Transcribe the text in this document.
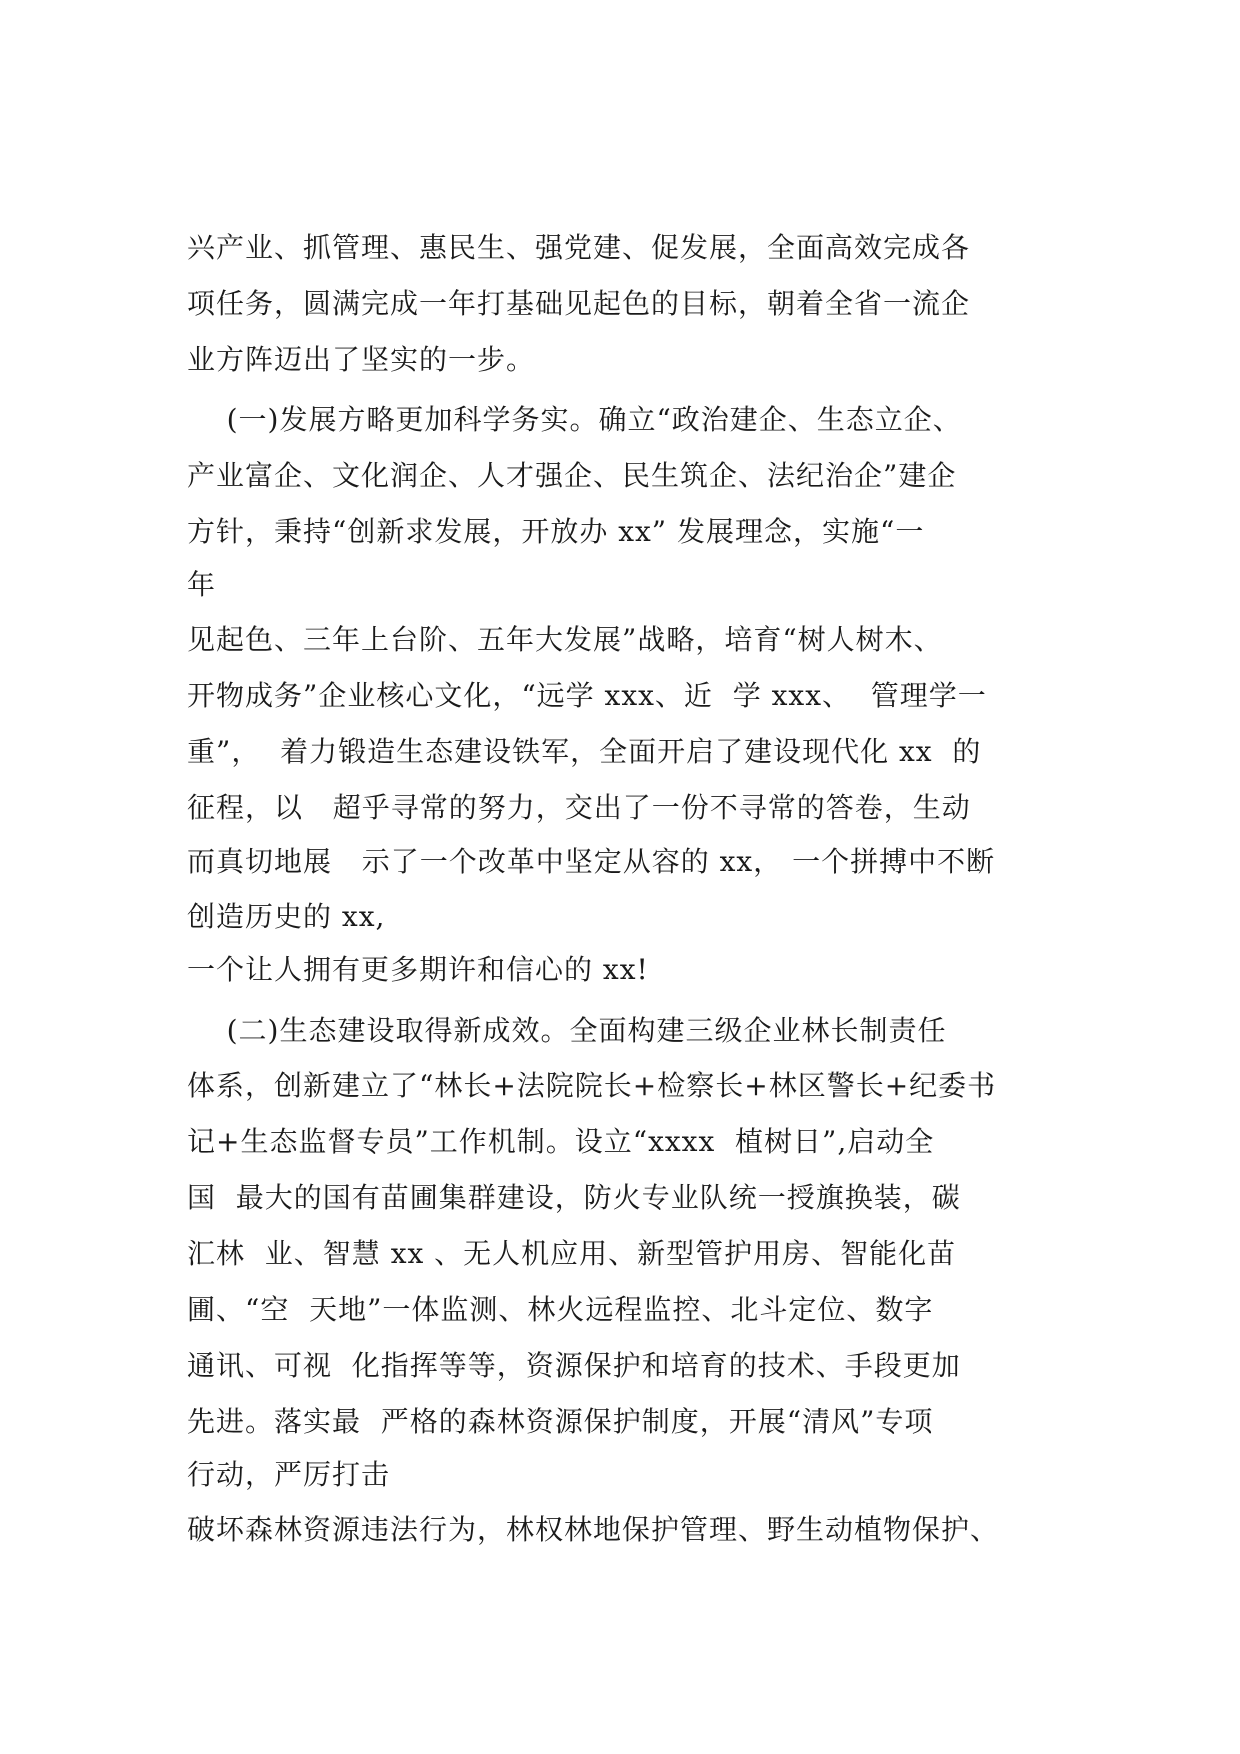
兴产业、抓管理、惠民生、强党建、促发展，全面高效完成各
项任务，圆满完成一年打基础见起色的目标，朝着全省一流企
业方阵迈出了坚实的一步。
(一)发展方略更加科学务实。确立“政治建企、生态立企、
产业富企、文化润企、人才强企、民生筑企、法纪治企”建企
方针，秉持“创新求发展，开放办 xx” 发展理念，实施“一
年
见起色、三年上台阶、五年大发展”战略，培育“树人树木、
开物成务”企业核心文化，“远学 xxx、近  学 xxx、  管理学一
重”，  着力锻造生态建设铁军，全面开启了建设现代化 xx  的
征程，以   超乎寻常的努力，交出了一份不寻常的答卷，生动
而真切地展   示了一个改革中坚定从容的 xx， 一个拼搏中不断
创造历史的 xx,
一个让人拥有更多期许和信心的 xx!
(二)生态建设取得新成效。全面构建三级企业林长制责任
体系，创新建立了“林长+法院院长+检察长+林区警长+纪委书
记+生态监督专员”工作机制。设立“xxxx  植树日”,启动全
国  最大的国有苗圃集群建设，防火专业队统一授旗换装，碳
汇林  业、智慧 xx 、无人机应用、新型管护用房、智能化苗
圃、“空  天地”一体监测、林火远程监控、北斗定位、数字
通讯、可视  化指挥等等，资源保护和培育的技术、手段更加
先进。落实最  严格的森林资源保护制度，开展“清风”专项
行动，严厉打击
破坏森林资源违法行为，林权林地保护管理、野生动植物保护、
